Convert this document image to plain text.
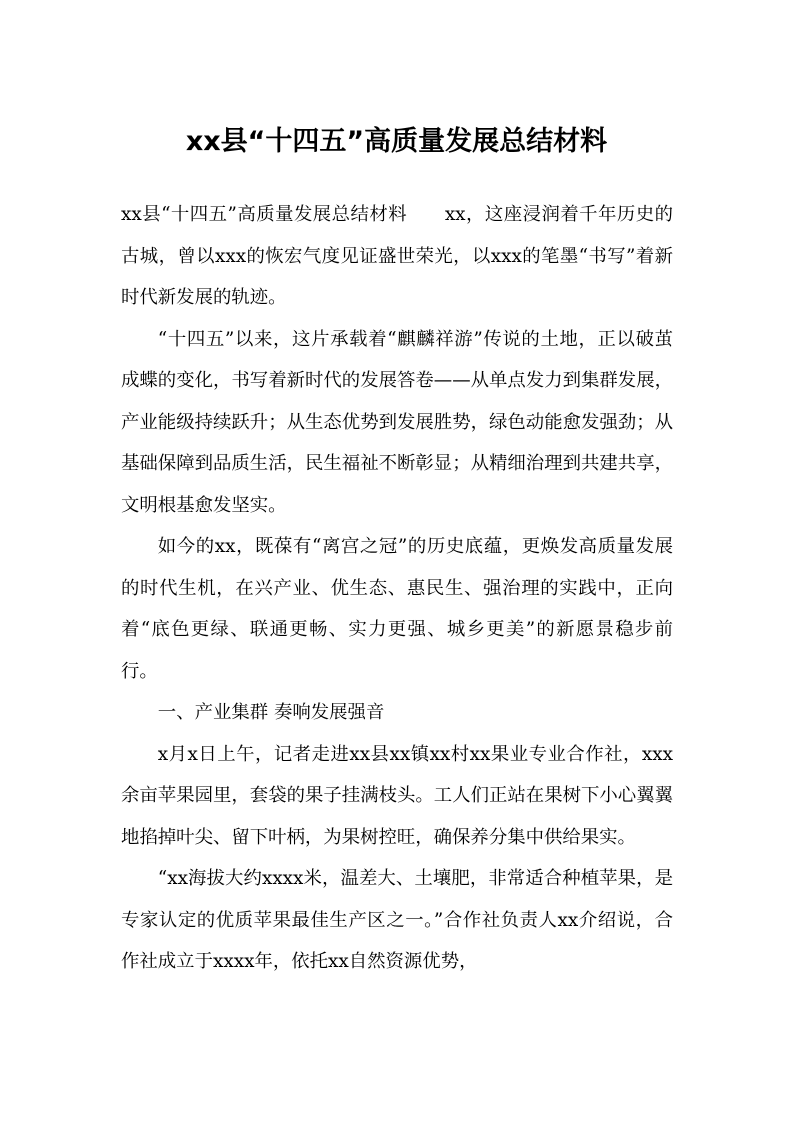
xx县“十四五”高质量发展总结材料

xx县“十四五”高质量发展总结材料　　xx，这座浸润着千年历史的古城，曾以xxx的恢宏气度见证盛世荣光，以xxx的笔墨“书写”着新时代新发展的轨迹。

“十四五”以来，这片承载着“麒麟祥游”传说的土地，正以破茧成蝶的变化，书写着新时代的发展答卷——从单点发力到集群发展，产业能级持续跃升；从生态优势到发展胜势，绿色动能愈发强劲；从基础保障到品质生活，民生福祉不断彰显；从精细治理到共建共享，文明根基愈发坚实。

如今的xx，既葆有“离宫之冠”的历史底蕴，更焕发高质量发展的时代生机，在兴产业、优生态、惠民生、强治理的实践中，正向着“底色更绿、联通更畅、实力更强、城乡更美”的新愿景稳步前行。

一、产业集群 奏响发展强音

x月x日上午，记者走进xx县xx镇xx村xx果业专业合作社，xxx余亩苹果园里，套袋的果子挂满枝头。工人们正站在果树下小心翼翼地掐掉叶尖、留下叶柄，为果树控旺，确保养分集中供给果实。

“xx海拔大约xxxx米，温差大、土壤肥，非常适合种植苹果，是专家认定的优质苹果最佳生产区之一。”合作社负责人xx介绍说，合作社成立于xxxx年，依托xx自然资源优势，
